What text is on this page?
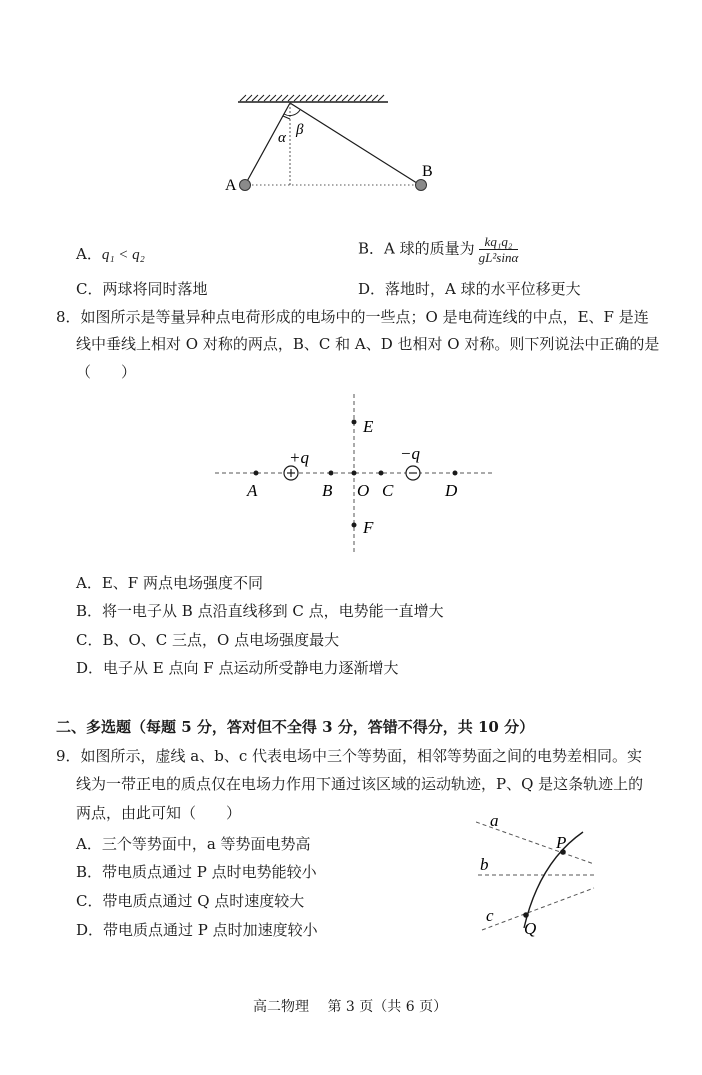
α β
A
B
A．q₁ < q₂	B．A 球的质量为 $\frac{\text{kq₁q₂}}{\text{gL²sinα}}$
C．两球将同时落地	D．落地时，A 球的水平位移更大
8．如图所示是等量异种点电荷形成的电场中的一些点；O 是电荷连线的中点，E、F 是连
线中垂线上相对 O 对称的两点，B、C 和 A、D 也相对 O 对称。则下列说法中正确的是
（　　）
+q	−q
A	B O C	D
E
F
A．E、F 两点电场强度不同
B．将一电子从 B 点沿直线移到 C 点，电势能一直增大
C．B、O、C 三点，O 点电场强度最大
D．电子从 E 点向 F 点运动所受静电力逐渐增大
二、多选题（每题 5 分，答对但不全得 3 分，答错不得分，共 10 分）
9．如图所示，虚线 a、b、c 代表电场中三个等势面，相邻等势面之间的电势差相同。实
线为一带正电的质点仅在电场力作用下通过该区域的运动轨迹，P、Q 是这条轨迹上的
两点，由此可知（　　）
A．三个等势面中，a 等势面电势高
B．带电质点通过 P 点时电势能较小
C．带电质点通过 Q 点时速度较大
D．带电质点通过 P 点时加速度较小
a
b
c
P
Q
高二物理　 第 3 页（共 6 页）
